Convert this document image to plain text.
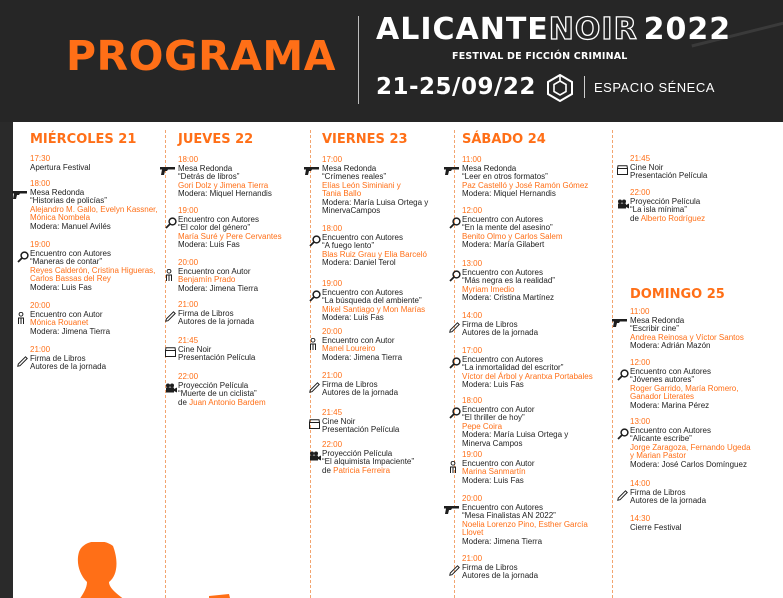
PROGRAMA
ALICANTENOIR 2022
FESTIVAL DE FICCIÓN CRIMINAL
21-25/09/22	ESPACIO SÉNECA
MIÉRCOLES 21
17:30
Apertura Festival
18:00
Mesa Redonda
“Historias de policías”
Alejandro M. Gallo, Evelyn Kassner,
Mónica Nombela
Modera: Manuel Avilés
19:00
Encuentro con Autores
“Maneras de contar”
Reyes Calderón, Cristina Higueras,
Carlos Bassas del Rey
Modera: Luis Fas
20:00
Encuentro con Autor
Mónica Rouanet
Modera: Jimena Tierra
21:00
Firma de Libros
Autores de la jornada
JUEVES 22
18:00
Mesa Redonda
“Detrás de libros”
Gori Dolz y Jimena Tierra
Modera: Miquel Hernandis
19:00
Encuentro con Autores
“El color del género”
María Suré y Pere Cervantes
Modera: Luis Fas
20:00
Encuentro con Autor
Benjamín Prado
Modera: Jimena Tierra
21:00
Firma de Libros
Autores de la jornada
21:45
Cine Noir
Presentación Película
22:00
Proyección Película
“Muerte de un ciclista”
de Juan Antonio Bardem
VIERNES 23
17:00
Mesa Redonda
“Crímenes reales”
Elías León Siminiani y
Tania Ballo
Modera: María Luisa Ortega y
MinervaCampos
18:00
Encuentro con Autores
“A fuego lento”
Blas Ruiz Grau y Elia Barceló
Modera: Daniel Terol
19:00
Encuentro con Autores
“La búsqueda del ambiente”
Mikel Santiago y Mon Marías
Modera: Luis Fas
20:00
Encuentro con Autor
Manel Loureiro
Modera: Jimena Tierra
21:00
Firma de Libros
Autores de la jornada
21:45
Cine Noir
Presentación Película
22:00
Proyección Película
“El alquimista Impaciente”
de Patricia Ferreira
SÁBADO 24
11:00
Mesa Redonda
“Leer en otros formatos”
Paz Castelló y José Ramón Gómez
Modera: Miquel Hernandis
12:00
Encuentro con Autores
“En la mente del asesino”
Benito Olmo y Carlos Salem
Modera: María Gilabert
13:00
Encuentro con Autores
“Más negra es la realidad”
Myriam Imedio
Modera: Cristina Martínez
14:00
Firma de Libros
Autores de la jornada
17:00
Encuentro con Autores
“La inmortalidad del escritor”
Víctor del Árbol y Arantxa Portabales
Modera: Luis Fas
18:00
Encuentro con Autor
“El thriller de hoy”
Pepe Coira
Modera: María Luisa Ortega y
Minerva Campos
19:00
Encuentro con Autor
Marina Sanmartín
Modera: Luis Fas
20:00
Encuentro con Autores
“Mesa Finalistas AN 2022”
Noelia Lorenzo Pino, Esther García
Llovet
Modera: Jimena Tierra
21:00
Firma de Libros
Autores de la jornada
21:45
Cine Noir
Presentación Película
22:00
Proyección Película
“La isla mínima”
de Alberto Rodríguez
DOMINGO 25
11:00
Mesa Redonda
“Escribir cine”
Andrea Reinosa y Víctor Santos
Modera: Adrián Mazón
12:00
Encuentro con Autores
“Jóvenes autores”
Roger Garrido, María Romero,
Ganador Literates
Modera: Marina Pérez
13:00
Encuentro con Autores
“Alicante escribe”
Jorge Zaragoza, Fernando Ugeda
y Marian Pastor
Modera: José Carlos Domínguez
14:00
Firma de Libros
Autores de la jornada
14:30
Cierre Festival
